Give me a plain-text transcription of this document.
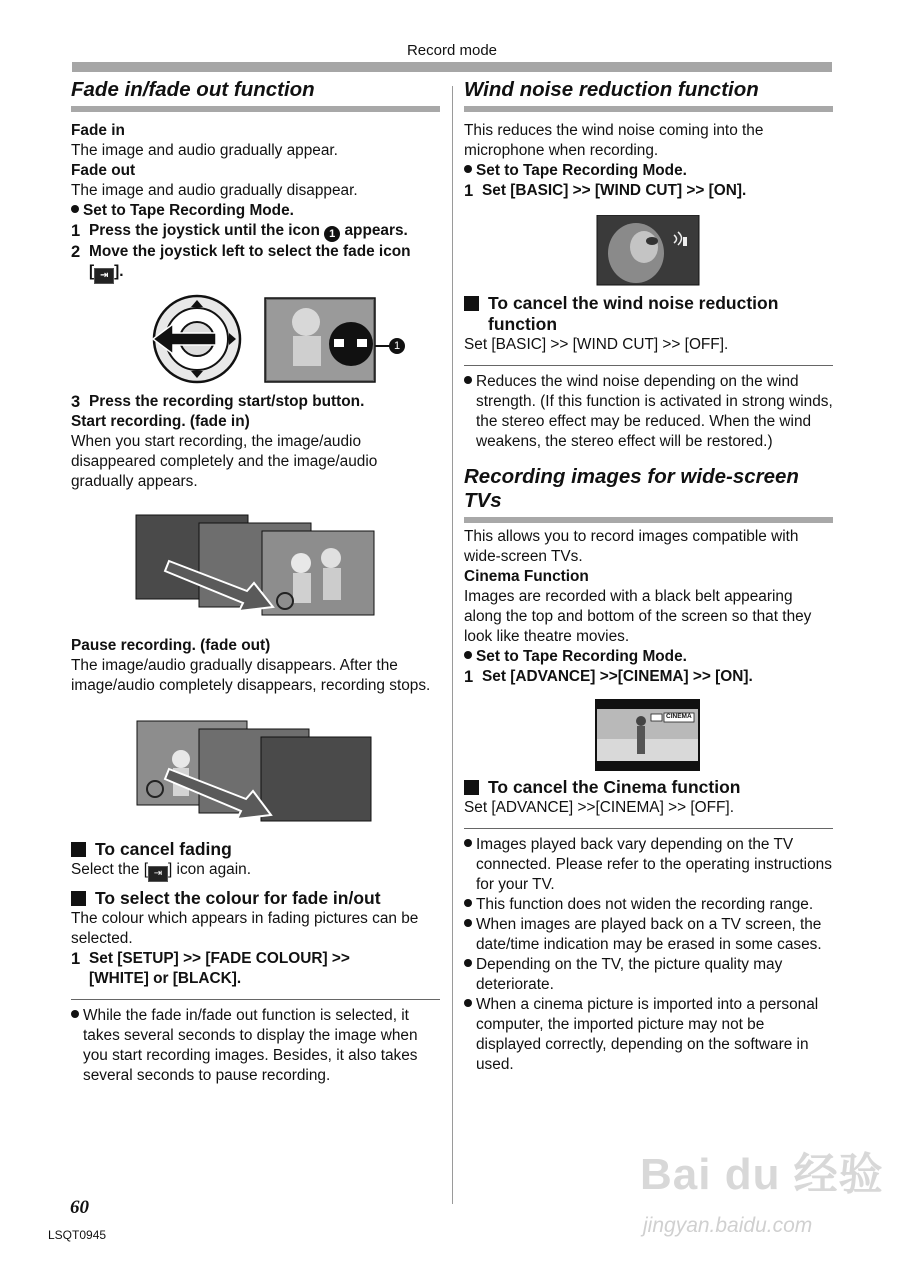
Record mode
Fade in/fade out function

Fade in

The image and audio gradually appear.

Fade out

The image and audio gradually disappear.

Set to Tape Recording Mode.

1 Press the joystick until the icon 1 appears.
2 Move the joystick left to select the fade icon
[ ⇥ ].
1
3 Press the recording start/stop button.

Start recording. (fade in)

When you start recording, the image/audio disappeared completely and the image/audio gradually appears.

Pause recording. (fade out)

The image/audio gradually disappears. After the image/audio completely disappears, recording stops.

To cancel fading

Select the [ ⇥ ] icon again.

To select the colour for fade in/out

The colour which appears in fading pictures can be selected.

1 Set [SETUP] >> [FADE COLOUR] >>
[WHITE] or [BLACK].
While the fade in/fade out function is selected, it takes several seconds to display the image when you start recording images. Besides, it also takes several seconds to pause recording.
Wind noise reduction function

This reduces the wind noise coming into the microphone when recording.

Set to Tape Recording Mode.

1 Set [BASIC] >> [WIND CUT] >> [ON].
To cancel the wind noise reduction function

Set [BASIC] >> [WIND CUT] >> [OFF].

Reduces the wind noise depending on the wind strength. (If this function is activated in strong winds, the stereo effect may be reduced. When the wind weakens, the stereo effect will be restored.)
Recording images for wide-screen TVs

This allows you to record images compatible with wide-screen TVs.

Cinema Function

Images are recorded with a black belt appearing along the top and bottom of the screen so that they look like theatre movies.

Set to Tape Recording Mode.

1 Set [ADVANCE] >>[CINEMA] >> [ON].
CINEMA
To cancel the Cinema function

Set [ADVANCE] >>[CINEMA] >> [OFF].

Images played back vary depending on the TV connected. Please refer to the operating instructions for your TV.
This function does not widen the recording range.
When images are played back on a TV screen, the date/time indication may be erased in some cases.
Depending on the TV, the picture quality may deteriorate.
When a cinema picture is imported into a personal computer, the imported picture may not be displayed correctly, depending on the software in used.
60
LSQT0945
Bai du 经验
jingyan.baidu.com
